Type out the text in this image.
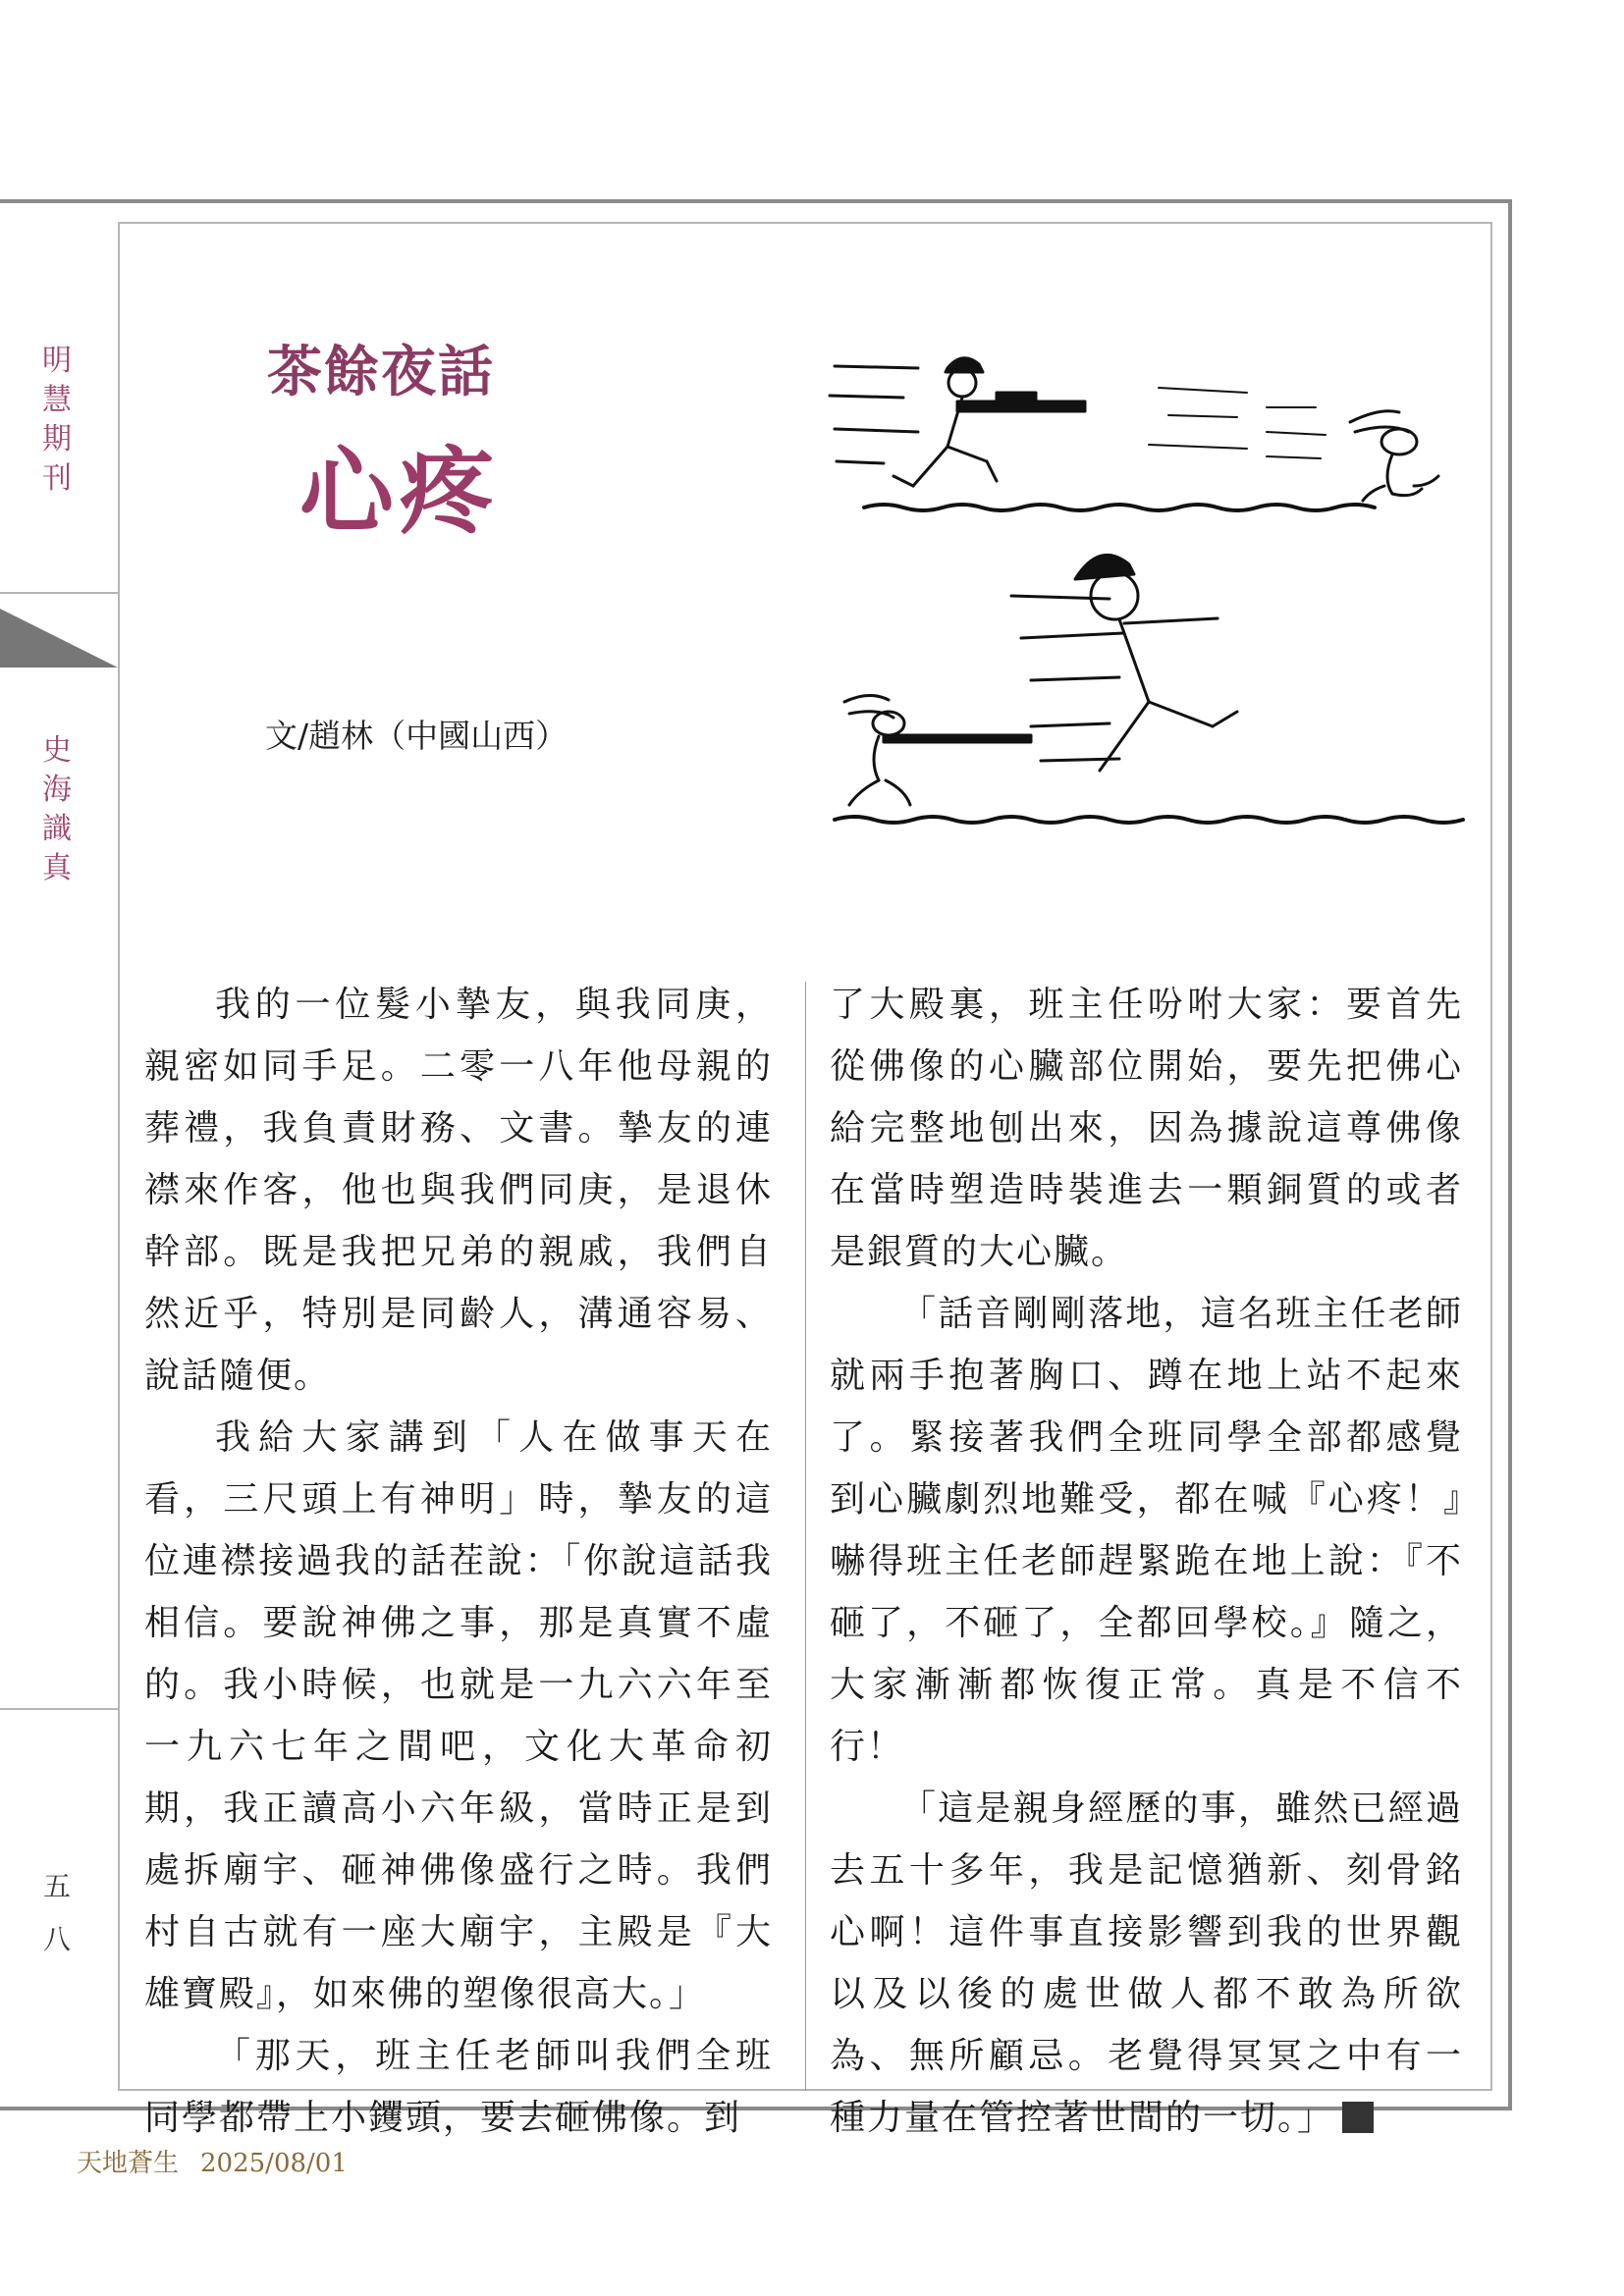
明
慧
期
刊
史
海
識
真
五
八
茶餘夜話
心疼
文/趙林（中國山西）

我的一位髮小摯友，與我同庚，親密如同手足。二零一八年他母親的葬禮，我負責財務、文書。摯友的連襟來作客，他也與我們同庚，是退休幹部。既是我把兄弟的親戚，我們自然近乎，特別是同齡人，溝通容易、說話隨便。

我給大家講到「人在做事天在看，三尺頭上有神明」時，摯友的這位連襟接過我的話茬說：「你說這話我相信。要說神佛之事，那是真實不虛的。我小時候，也就是一九六六年至一九六七年之間吧，文化大革命初期，我正讀高小六年級，當時正是到處拆廟宇、砸神佛像盛行之時。我們村自古就有一座大廟宇，主殿是『大雄寶殿』，如來佛的塑像很高大。」

「那天，班主任老師叫我們全班同學都帶上小钁頭，要去砸佛像。到

了大殿裏，班主任吩咐大家：要首先從佛像的心臟部位開始，要先把佛心給完整地刨出來，因為據說這尊佛像在當時塑造時裝進去一顆銅質的或者是銀質的大心臟。

「話音剛剛落地，這名班主任老師就兩手抱著胸口、蹲在地上站不起來了。緊接著我們全班同學全部都感覺到心臟劇烈地難受，都在喊『心疼！』嚇得班主任老師趕緊跪在地上說：『不砸了，不砸了，全都回學校。』隨之，大家漸漸都恢復正常。真是不信不行！

「這是親身經歷的事，雖然已經過去五十多年，我是記憶猶新、刻骨銘心啊！這件事直接影響到我的世界觀以及以後的處世做人都不敢為所欲為、無所顧忌。老覺得冥冥之中有一種力量在管控著世間的一切。」

天地蒼生 2025/08/01
